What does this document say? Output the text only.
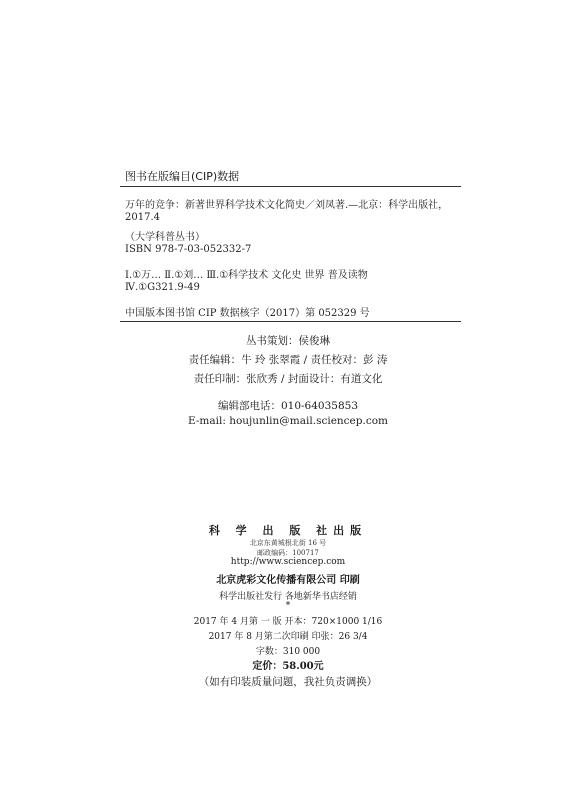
图书在版编目(CIP)数据
万年的竞争：新著世界科学技术文化简史／刘凤著.—北京：科学出版社，
2017.4
（大学科普丛书）
ISBN 978-7-03-052332-7
Ⅰ.①万… Ⅱ.①刘… Ⅲ.①科学技术 文化史 世界 普及读物
Ⅳ.①G321.9-49
中国版本图书馆 CIP 数据核字（2017）第 052329 号
丛书策划：侯俊琳
责任编辑：牛 玲 张翠霞 / 责任校对：彭 涛
责任印制：张欣秀 / 封面设计：有道文化
编辑部电话：010-64035853
E-mail: houjunlin@mail.sciencep.com
科 学 出 版 社出版
北京东黄城根北街 16 号
邮政编码：100717
http://www.sciencep.com
北京虎彩文化传播有限公司 印刷
科学出版社发行 各地新华书店经销
*
2017 年 4 月第 一 版 开本：720×1000 1/16
2017 年 8 月第二次印刷 印张：26 3/4
字数：310 000
定价：58.00元
（如有印装质量问题，我社负责调换）
